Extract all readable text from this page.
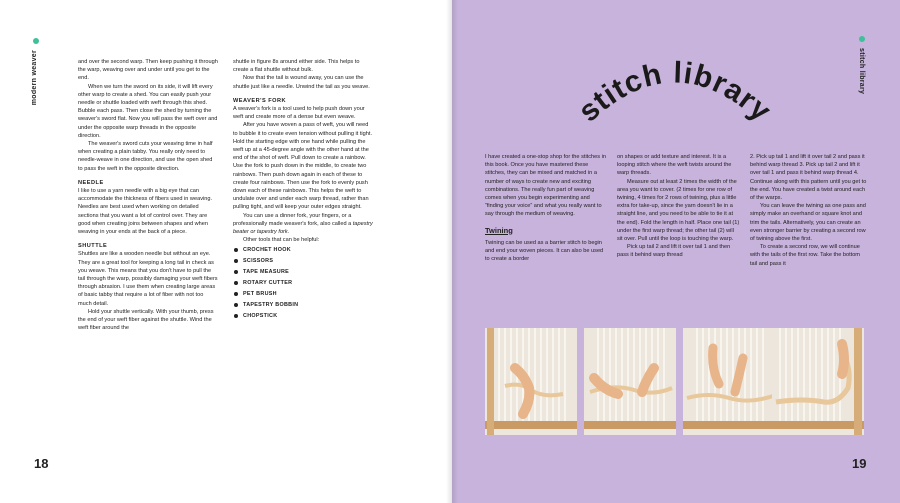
modern weaver	and over the second warp. Then keep pushing it through the warp, weaving over and under until you get to the end.

When we turn the sword on its side, it will lift every other warp to create a shed. You can easily push your needle or shuttle loaded with weft through this shed. Bubble each pass. Then close the shed by turning the weaver's sword flat. Now you will pass the weft over and under the opposite warp threads in the opposite direction.

The weaver's sword cuts your weaving time in half when creating a plain tabby. You really only need to needle-weave in one direction, and use the open shed to pass the weft in the opposite direction.

NEEDLE

I like to use a yarn needle with a big eye that can accommodate the thickness of fibers used in weaving. Needles are best used when working on detailed sections that you want a lot of control over. They are good when creating joins between shapes and when weaving in your ends at the back of a piece.

SHUTTLE

Shuttles are like a wooden needle but without an eye. They are a great tool for keeping a long tail in check as you weave. This means that you don't have to pull the tail through the warp, possibly damaging your weft fibers through abrasion. I use them when creating large areas of basic tabby that require a lot of fiber with not too much detail.

Hold your shuttle vertically. With your thumb, press the end of your weft fiber against the shuttle. Wind the weft fiber around the

shuttle in figure 8s around either side. This helps to create a flat shuttle without bulk.

Now that the tail is wound away, you can use the shuttle just like a needle. Unwind the tail as you weave.

WEAVER'S FORK

A weaver's fork is a tool used to help push down your weft and create more of a dense but even weave.

After you have woven a pass of weft, you will need to bubble it to create even tension without pulling it tight. Hold the starting edge with one hand while pulling the weft up at a 45-degree angle with the other hand at the end of the shot of weft. Pull down to create a rainbow. Use the fork to push down in the middle, to create two rainbows. Then push down again in each of these to create four rainbows. Then use the fork to evenly push down each of these rainbows. This helps the weft to undulate over and under each warp thread, rather than pulling tight, and will keep your outer edges straight.

You can use a dinner fork, your fingers, or a professionally made weaver's fork, also called a tapestry beater or tapestry fork.

Other tools that can be helpful:

CROCHET HOOK
SCISSORS
TAPE MEASURE
ROTARY CUTTER
PET BRUSH
TAPESTRY BOBBIN
CHOPSTICK
18
stitch library
stitch library

I have created a one-stop shop for the stitches in this book. Once you have mastered these stitches, they can be mixed and matched in a number of ways to create new and exciting combinations. The really fun part of weaving comes when you begin experimenting and “finding your voice” and what you really want to say through the medium of weaving.

Twining

Twining can be used as a barrier stitch to begin and end your woven pieces. It can also be used to create a border

on shapes or add texture and interest. It is a looping stitch where the weft twists around the warp threads.

Measure out at least 2 times the width of the area you want to cover. (2 times for one row of twining, 4 times for 2 rows of twining, plus a little extra for take-up, since the yarn doesn't lie in a straight line, and you need to be able to tie it at the end). Fold the length in half. Place one tail (1) under the first warp thread; the other tail (2) will sit over. Pull until the loop is touching the warp.

Pick up tail 2 and lift it over tail 1 and then pass it behind warp thread

2. Pick up tail 1 and lift it over tail 2 and pass it behind warp thread 3. Pick up tail 2 and lift it over tail 1 and pass it behind warp thread 4. Continue along with this pattern until you get to the end. You have created a twist around each of the warps.

You can leave the twining as one pass and simply make an overhand or square knot and trim the tails. Alternatively, you can create an even stronger barrier by creating a second row of twining above the first.

To create a second row, we will continue with the tails of the first row. Take the bottom tail and pass it

19
